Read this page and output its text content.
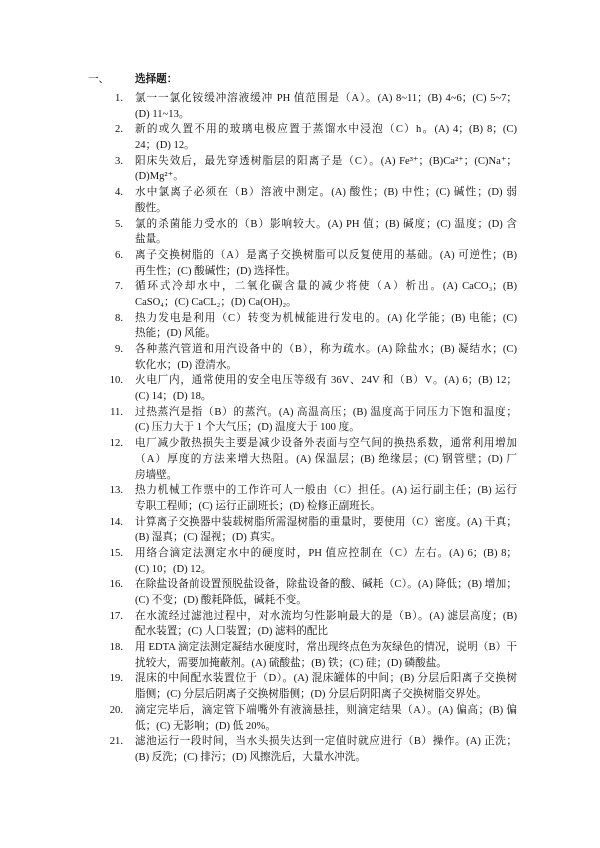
一、 选择题：
1. 氯一一氯化铵缓冲溶液缓冲 PH 值范围是（A）。(A) 8~11；(B) 4~6；(C) 5~7；
(D) 11~13。
2. 新的或久置不用的玻璃电极应置于蒸馏水中浸泡（C）h。(A) 4；(B) 8；(C)
24；(D) 12。
3. 阳床失效后，最先穿透树脂层的阳离子是（C）。(A) Fe³⁺；(B)Ca²⁺；(C)Na⁺；
(D)Mg²⁺。
4. 水中氯离子必须在（B）溶液中测定。(A) 酸性；(B) 中性；(C) 碱性；(D) 弱
酸性。
5. 氯的杀菌能力受水的（B）影响较大。(A) PH 值；(B) 碱度；(C) 温度；(D) 含
盐量。
6. 离子交换树脂的（A）是离子交换树脂可以反复使用的基础。(A) 可逆性；(B)
再生性；(C) 酸碱性；(D) 选择性。
7. 循环式冷却水中，二氧化碳含量的减少将使（A）析出。(A) CaCO₃；(B)
CaSO₄；(C) CaCL₂；(D) Ca(OH)₂。
8. 热力发电是利用（C）转变为机械能进行发电的。(A) 化学能；(B) 电能；(C)
热能；(D) 风能。
9. 各种蒸汽管道和用汽设备中的（B），称为疏水。(A) 除盐水；(B) 凝结水；(C)
软化水；(D) 澄清水。
10. 火电厂内，通常使用的安全电压等级有 36V、24V 和（B）V。(A) 6；(B) 12；
(C) 14；(D) 18。
11. 过热蒸汽是指（B）的蒸汽。(A) 高温高压；(B) 温度高于同压力下饱和温度；
(C) 压力大于 1 个大气压；(D) 温度大于 100 度。
12. 电厂减少散热损失主要是减少设备外表面与空气间的换热系数，通常利用增加
（A）厚度的方法来增大热阻。(A) 保温层；(B) 绝缘层；(C) 钢管壁；(D) 厂
房墙壁。
13. 热力机械工作票中的工作许可人一般由（C）担任。(A) 运行副主任；(B) 运行
专职工程师；(C) 运行正副班长；(D) 检修正副班长。
14. 计算离子交换器中装载树脂所需湿树脂的重量时，要使用（C）密度。(A) 干真；
(B) 湿真；(C) 湿视；(D) 真实。
15. 用络合滴定法测定水中的硬度时，PH 值应控制在（C）左右。(A) 6；(B) 8；
(C) 10；(D) 12。
16. 在除盐设备前设置预脱盐设备，除盐设备的酸、碱耗（C）。(A) 降低；(B) 增加；
(C) 不变；(D) 酸耗降低，碱耗不变。
17. 在水流经过滤池过程中，对水流均匀性影响最大的是（B）。(A) 滤层高度；(B)
配水装置；(C) 人口装置；(D) 滤料的配比
18. 用 EDTA 滴定法测定凝结水硬度时，常出现终点色为灰绿色的情况，说明（B）干
扰较大，需要加掩蔽剂。(A) 硫酸盐；(B) 铁；(C) 硅；(D) 磷酸盐。
19. 混床的中间配水装置位于（D）。(A) 混床罐体的中间；(B) 分层后阳离子交换树
脂侧；(C) 分层后阴离子交换树脂侧；(D) 分层后阴阳离子交换树脂交界处。
20. 滴定完毕后，滴定管下端嘴外有液滴悬挂，则滴定结果（A）。(A) 偏高；(B) 偏
低；(C) 无影响；(D) 低 20%。
21. 滤池运行一段时间，当水头损失达到一定值时就应进行（B）操作。(A) 正洗；
(B) 反洗；(C) 排污；(D) 风擦洗后，大量水冲洗。
